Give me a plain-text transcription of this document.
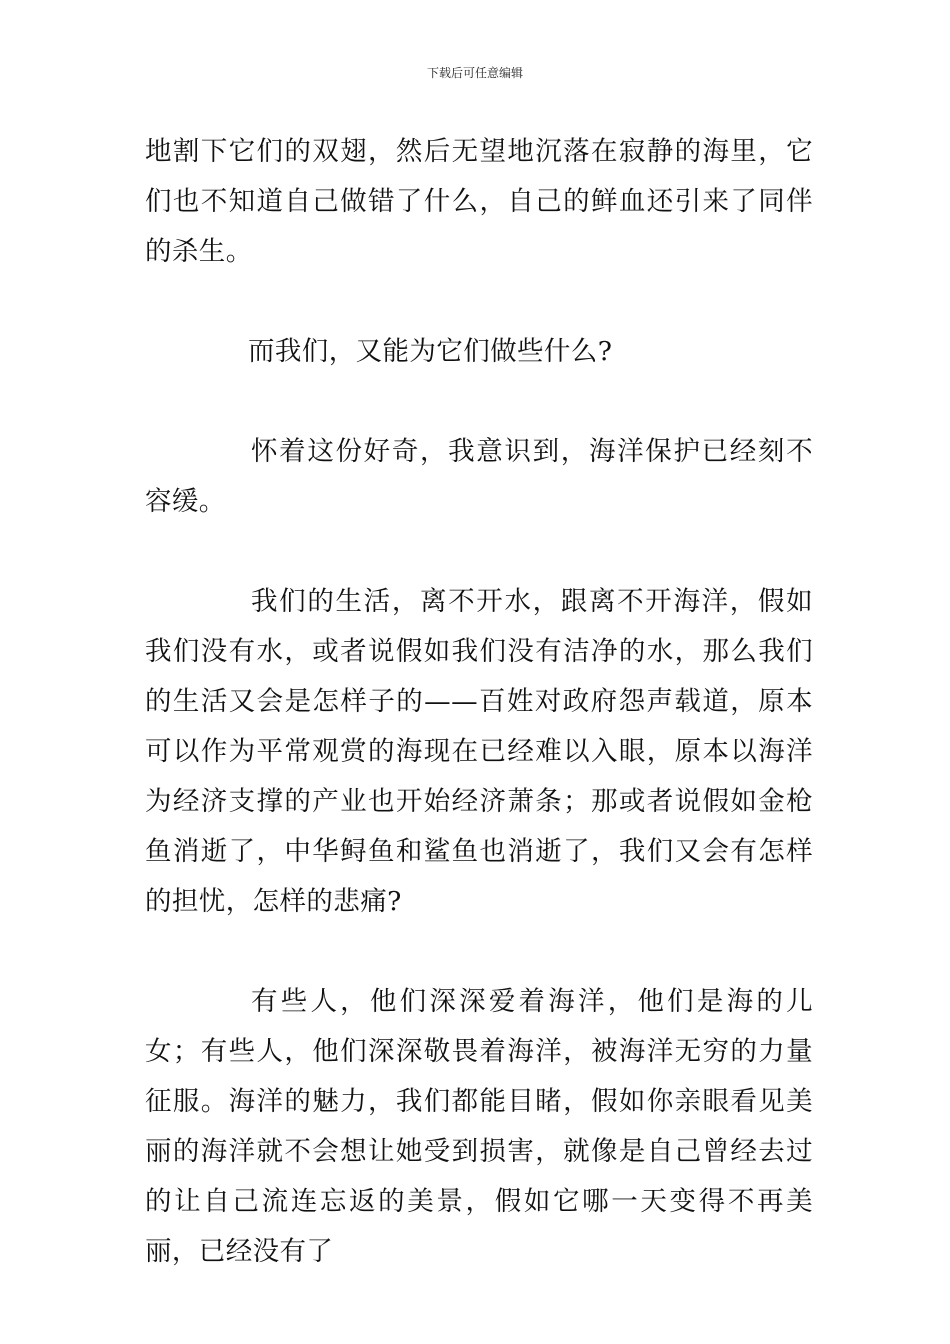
下载后可任意编辑

地割下它们的双翅，然后无望地沉落在寂静的海里，它们也不知道自己做错了什么，自己的鲜血还引来了同伴的杀生。

而我们，又能为它们做些什么?

怀着这份好奇，我意识到，海洋保护已经刻不容缓。

我们的生活，离不开水，跟离不开海洋，假如我们没有水，或者说假如我们没有洁净的水，那么我们的生活又会是怎样子的——百姓对政府怨声载道，原本可以作为平常观赏的海现在已经难以入眼，原本以海洋为经济支撑的产业也开始经济萧条；那或者说假如金枪鱼消逝了，中华鲟鱼和鲨鱼也消逝了，我们又会有怎样的担忧，怎样的悲痛?

有些人，他们深深爱着海洋，他们是海的儿女；有些人，他们深深敬畏着海洋，被海洋无穷的力量征服。海洋的魅力，我们都能目睹，假如你亲眼看见美丽的海洋就不会想让她受到损害，就像是自己曾经去过的让自己流连忘返的美景，假如它哪一天变得不再美丽，已经没有了
